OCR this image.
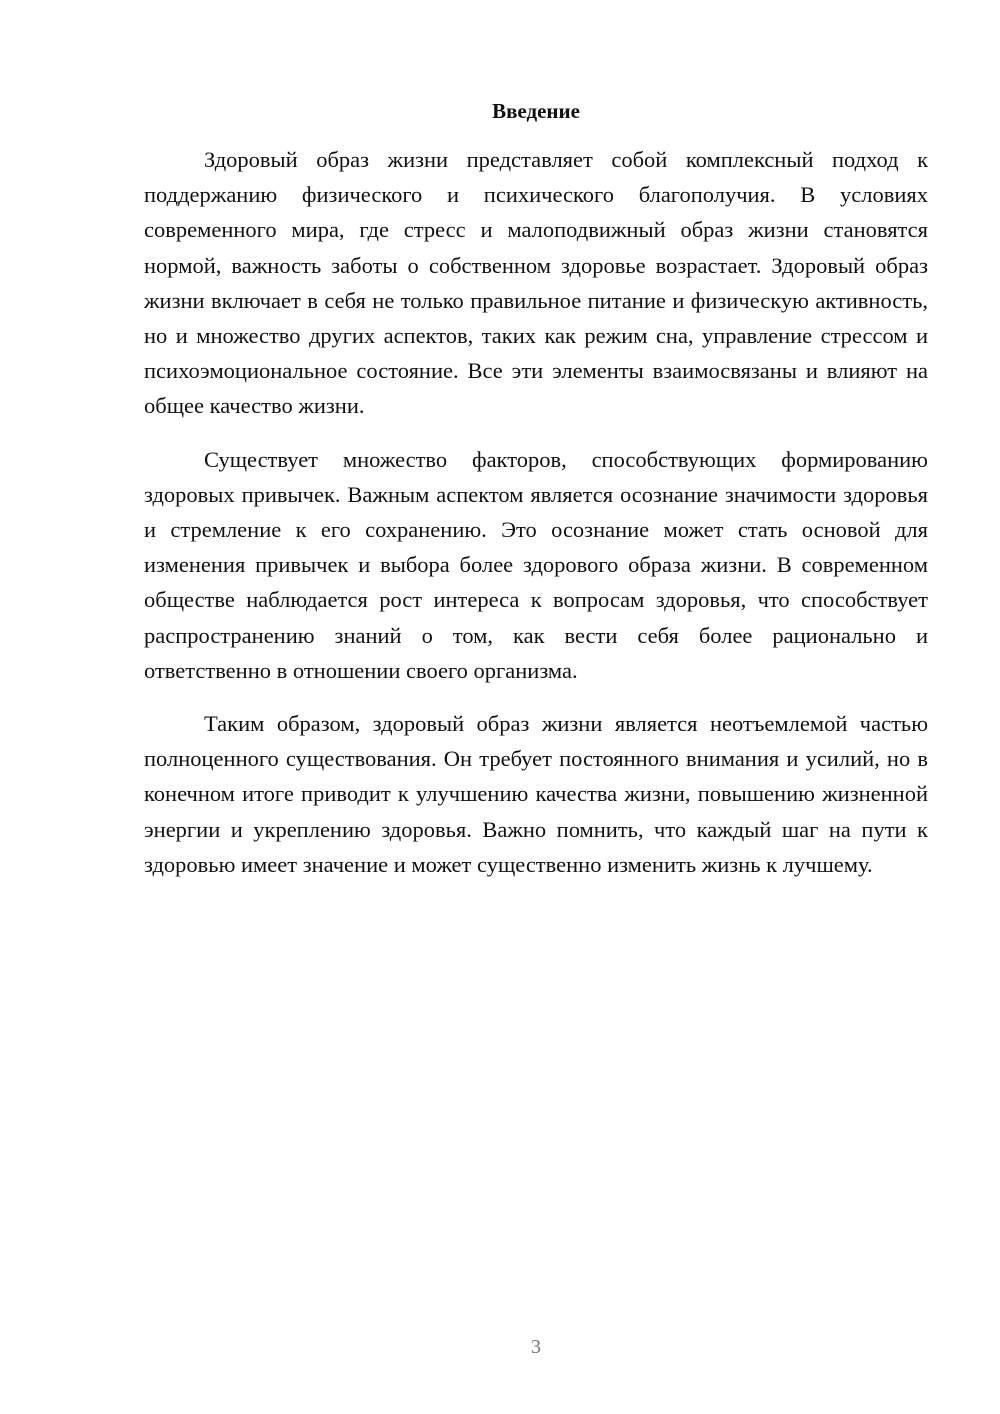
Введение

Здоровый образ жизни представляет собой комплексный подход к поддержанию физического и психического благополучия. В условиях современного мира, где стресс и малоподвижный образ жизни становятся нормой, важность заботы о собственном здоровье возрастает. Здоровый образ жизни включает в себя не только правильное питание и физическую активность, но и множество других аспектов, таких как режим сна, управление стрессом и психоэмоциональное состояние. Все эти элементы взаимосвязаны и влияют на общее качество жизни.

Существует множество факторов, способствующих формированию здоровых привычек. Важным аспектом является осознание значимости здоровья и стремление к его сохранению. Это осознание может стать основой для изменения привычек и выбора более здорового образа жизни. В современном обществе наблюдается рост интереса к вопросам здоровья, что способствует распространению знаний о том, как вести себя более рационально и ответственно в отношении своего организма.

Таким образом, здоровый образ жизни является неотъемлемой частью полноценного существования. Он требует постоянного внимания и усилий, но в конечном итоге приводит к улучшению качества жизни, повышению жизненной энергии и укреплению здоровья. Важно помнить, что каждый шаг на пути к здоровью имеет значение и может существенно изменить жизнь к лучшему.

3
